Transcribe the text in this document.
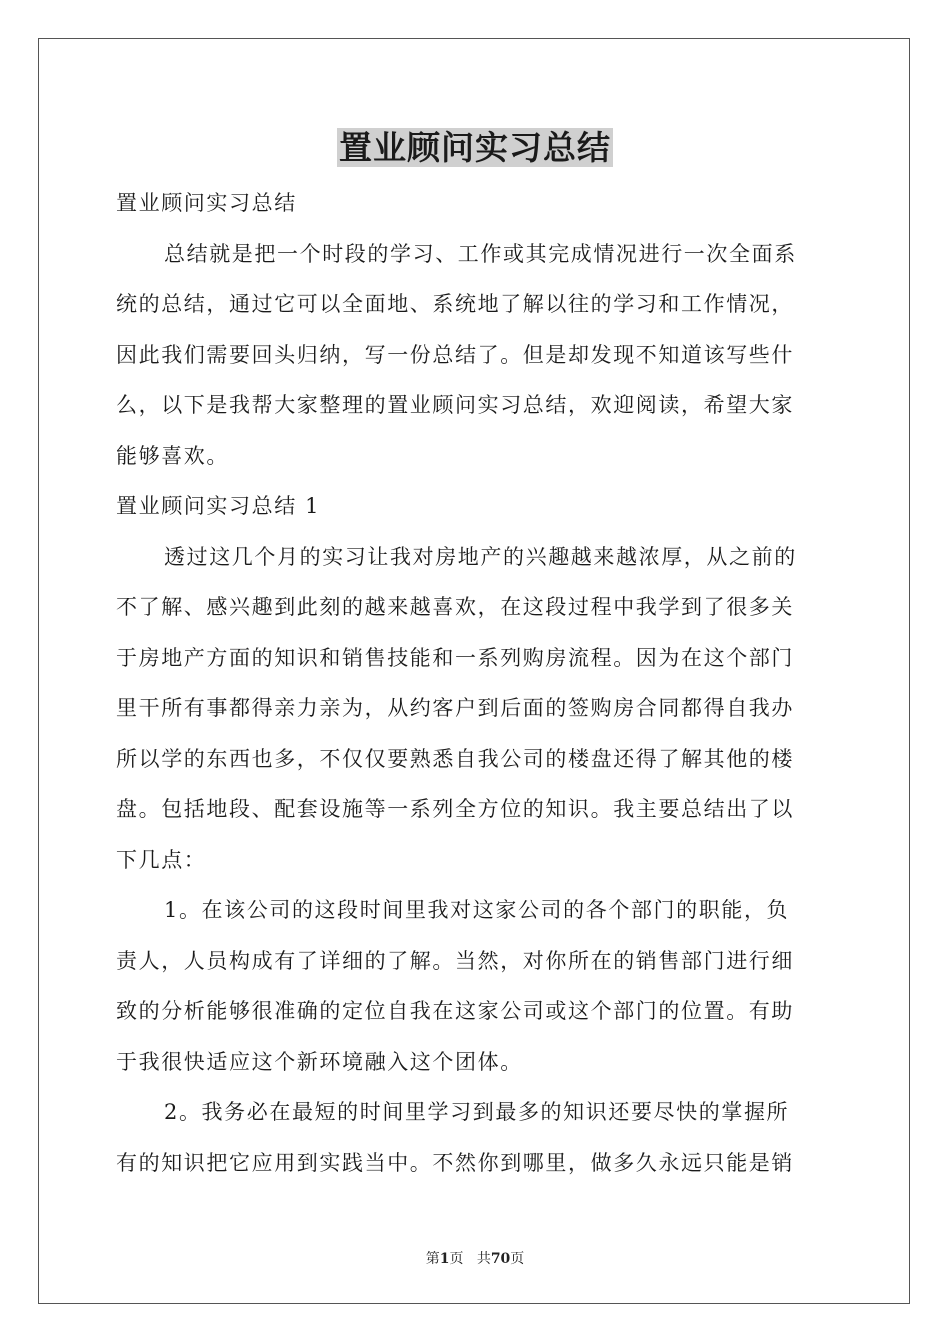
置业顾问实习总结
置业顾问实习总结
总结就是把一个时段的学习、工作或其完成情况进行一次全面系
统的总结，通过它可以全面地、系统地了解以往的学习和工作情况，
因此我们需要回头归纳，写一份总结了。但是却发现不知道该写些什
么，以下是我帮大家整理的置业顾问实习总结，欢迎阅读，希望大家
能够喜欢。
置业顾问实习总结 1
透过这几个月的实习让我对房地产的兴趣越来越浓厚，从之前的
不了解、感兴趣到此刻的越来越喜欢，在这段过程中我学到了很多关
于房地产方面的知识和销售技能和一系列购房流程。因为在这个部门
里干所有事都得亲力亲为，从约客户到后面的签购房合同都得自我办
所以学的东西也多，不仅仅要熟悉自我公司的楼盘还得了解其他的楼
盘。包括地段、配套设施等一系列全方位的知识。我主要总结出了以
下几点：
1。在该公司的这段时间里我对这家公司的各个部门的职能，负
责人，人员构成有了详细的了解。当然，对你所在的销售部门进行细
致的分析能够很准确的定位自我在这家公司或这个部门的位置。有助
于我很快适应这个新环境融入这个团体。
2。我务必在最短的时间里学习到最多的知识还要尽快的掌握所
有的知识把它应用到实践当中。不然你到哪里，做多久永远只能是销
第1页 共70页
